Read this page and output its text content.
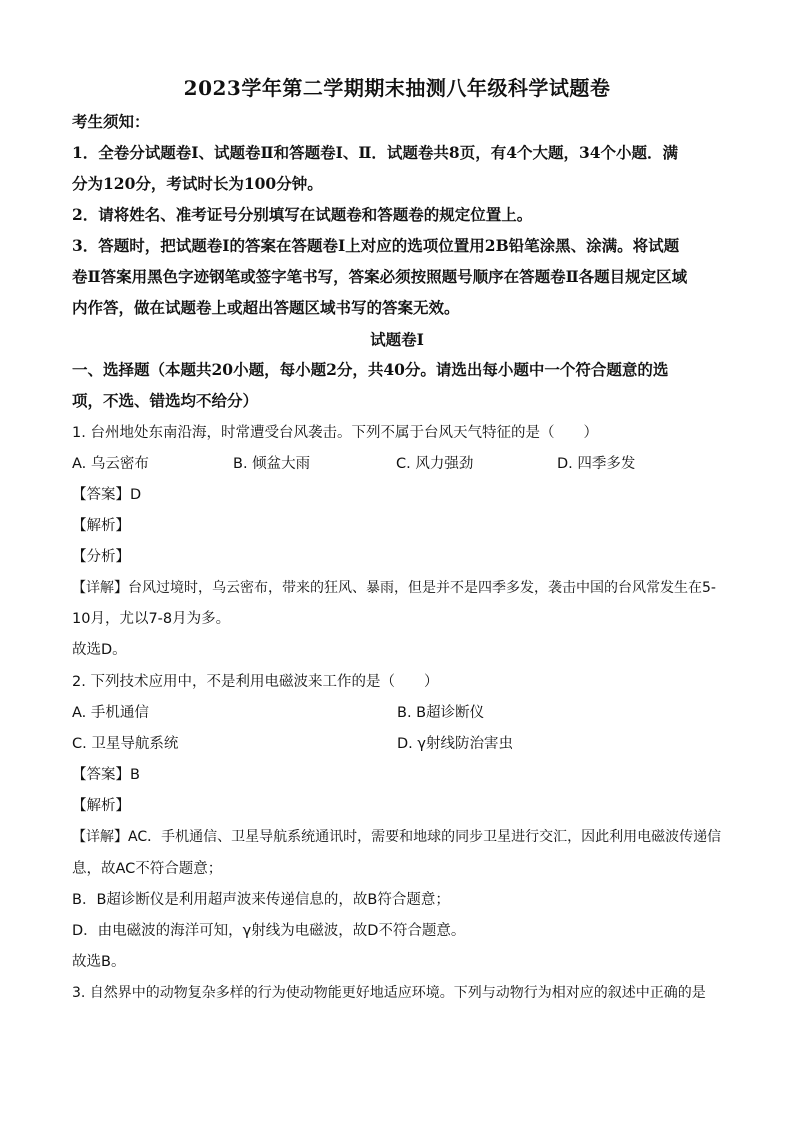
2023学年第二学期期末抽测八年级科学试题卷
考生须知：
1．全卷分试题卷Ⅰ、试题卷Ⅱ和答题卷Ⅰ、Ⅱ．试题卷共8页，有4个大题，34个小题．满
分为120分，考试时长为100分钟。
2．请将姓名、准考证号分别填写在试题卷和答题卷的规定位置上。
3．答题时，把试题卷Ⅰ的答案在答题卷Ⅰ上对应的选项位置用2B铅笔涂黑、涂满。将试题
卷Ⅱ答案用黑色字迹钢笔或签字笔书写，答案必须按照题号顺序在答题卷Ⅱ各题目规定区域
内作答，做在试题卷上或超出答题区域书写的答案无效。
试题卷Ⅰ
一、选择题（本题共20小题，每小题2分，共40分。请选出每小题中一个符合题意的选
项，不选、错选均不给分）
1. 台州地处东南沿海，时常遭受台风袭击。下列不属于台风天气特征的是（　　）
A. 乌云密布	B. 倾盆大雨	C. 风力强劲	D. 四季多发
【答案】D
【解析】
【分析】
【详解】台风过境时，乌云密布，带来的狂风、暴雨，但是并不是四季多发，袭击中国的台风常发生在5-
10月，尤以7-8月为多。
故选D。
2. 下列技术应用中，不是利用电磁波来工作的是（　　）
A. 手机通信	B. B超诊断仪
C. 卫星导航系统	D. γ射线防治害虫
【答案】B
【解析】
【详解】AC．手机通信、卫星导航系统通讯时，需要和地球的同步卫星进行交汇，因此利用电磁波传递信
息，故AC不符合题意；
B．B超诊断仪是利用超声波来传递信息的，故B符合题意；
D．由电磁波的海洋可知，γ射线为电磁波，故D不符合题意。
故选B。
3. 自然界中的动物复杂多样的行为使动物能更好地适应环境。下列与动物行为相对应的叙述中正确的是
